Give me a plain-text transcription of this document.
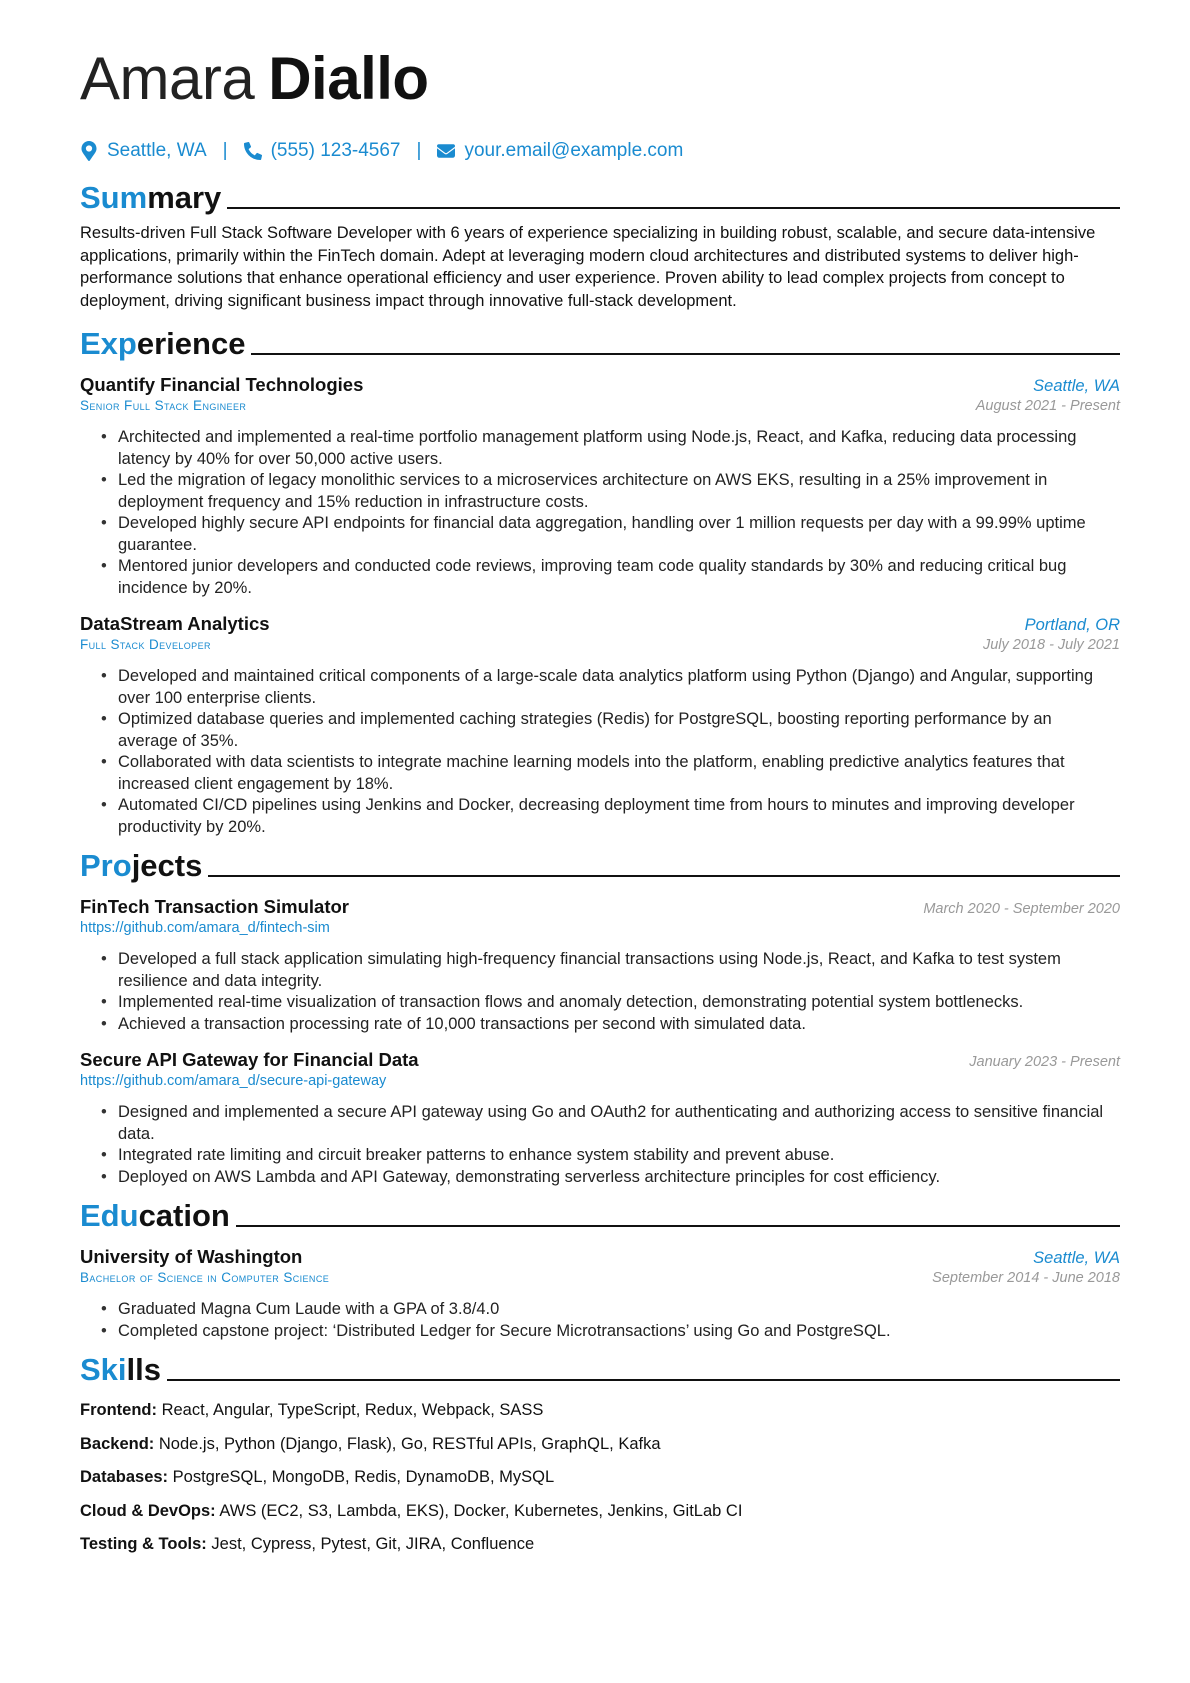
Amara Diallo
Seattle, WA | (555) 123-4567 | your.email@example.com
Summary
Results-driven Full Stack Software Developer with 6 years of experience specializing in building robust, scalable, and secure data-intensive applications, primarily within the FinTech domain. Adept at leveraging modern cloud architectures and distributed systems to deliver high-performance solutions that enhance operational efficiency and user experience. Proven ability to lead complex projects from concept to deployment, driving significant business impact through innovative full-stack development.
Experience
Quantify Financial Technologies	Seattle, WA
Senior Full Stack Engineer	August 2021 - Present
• Architected and implemented a real-time portfolio management platform using Node.js, React, and Kafka, reducing data processing latency by 40% for over 50,000 active users.
• Led the migration of legacy monolithic services to a microservices architecture on AWS EKS, resulting in a 25% improvement in deployment frequency and 15% reduction in infrastructure costs.
• Developed highly secure API endpoints for financial data aggregation, handling over 1 million requests per day with a 99.99% uptime guarantee.
• Mentored junior developers and conducted code reviews, improving team code quality standards by 30% and reducing critical bug incidence by 20%.
DataStream Analytics	Portland, OR
Full Stack Developer	July 2018 - July 2021
• Developed and maintained critical components of a large-scale data analytics platform using Python (Django) and Angular, supporting over 100 enterprise clients.
• Optimized database queries and implemented caching strategies (Redis) for PostgreSQL, boosting reporting performance by an average of 35%.
• Collaborated with data scientists to integrate machine learning models into the platform, enabling predictive analytics features that increased client engagement by 18%.
• Automated CI/CD pipelines using Jenkins and Docker, decreasing deployment time from hours to minutes and improving developer productivity by 20%.
Projects
FinTech Transaction Simulator	March 2020 - September 2020
https://github.com/amara_d/fintech-sim
• Developed a full stack application simulating high-frequency financial transactions using Node.js, React, and Kafka to test system resilience and data integrity.
• Implemented real-time visualization of transaction flows and anomaly detection, demonstrating potential system bottlenecks.
• Achieved a transaction processing rate of 10,000 transactions per second with simulated data.
Secure API Gateway for Financial Data	January 2023 - Present
https://github.com/amara_d/secure-api-gateway
• Designed and implemented a secure API gateway using Go and OAuth2 for authenticating and authorizing access to sensitive financial data.
• Integrated rate limiting and circuit breaker patterns to enhance system stability and prevent abuse.
• Deployed on AWS Lambda and API Gateway, demonstrating serverless architecture principles for cost efficiency.
Education
University of Washington	Seattle, WA
Bachelor of Science in Computer Science	September 2014 - June 2018
• Graduated Magna Cum Laude with a GPA of 3.8/4.0
• Completed capstone project: ‘Distributed Ledger for Secure Microtransactions’ using Go and PostgreSQL.
Skills
Frontend: React, Angular, TypeScript, Redux, Webpack, SASS
Backend: Node.js, Python (Django, Flask), Go, RESTful APIs, GraphQL, Kafka
Databases: PostgreSQL, MongoDB, Redis, DynamoDB, MySQL
Cloud & DevOps: AWS (EC2, S3, Lambda, EKS), Docker, Kubernetes, Jenkins, GitLab CI
Testing & Tools: Jest, Cypress, Pytest, Git, JIRA, Confluence
